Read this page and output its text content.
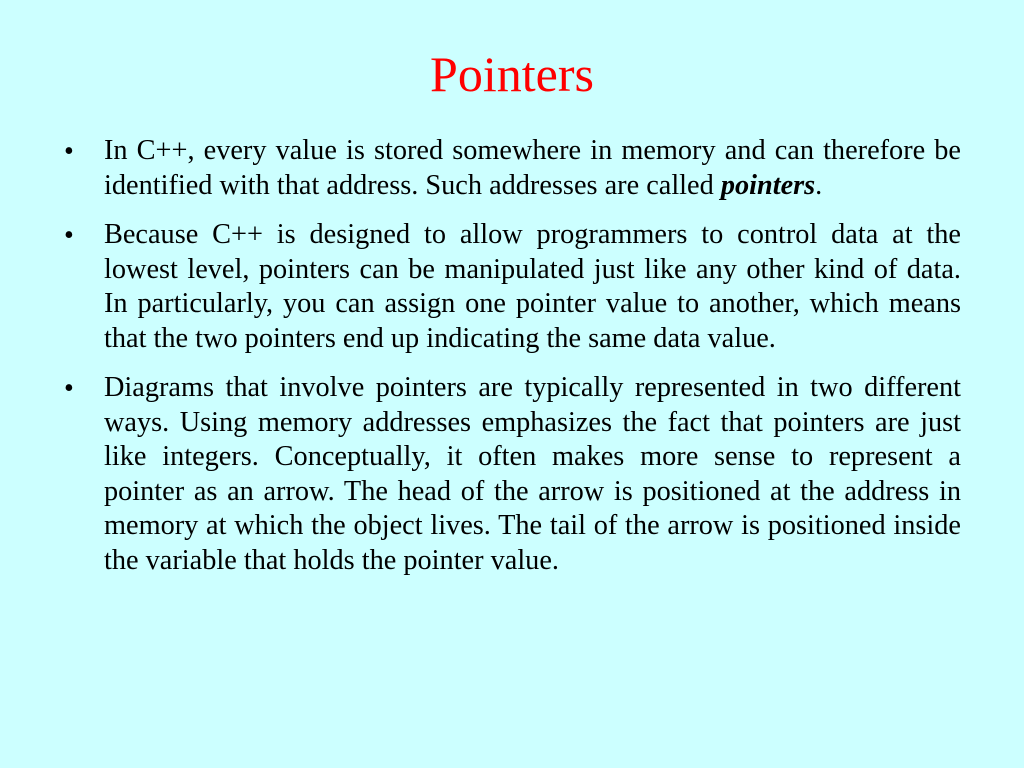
Pointers
• In C++, every value is stored somewhere in memory and can therefore be identified with that address. Such addresses are called pointers.
• Because C++ is designed to allow programmers to control data at the lowest level, pointers can be manipulated just like any other kind of data. In particularly, you can assign one pointer value to another, which means that the two pointers end up indicating the same data value.
• Diagrams that involve pointers are typically represented in two different ways. Using memory addresses emphasizes the fact that pointers are just like integers. Conceptually, it often makes more sense to represent a pointer as an arrow. The head of the arrow is positioned at the address in memory at which the object lives. The tail of the arrow is positioned inside the variable that holds the pointer value.
